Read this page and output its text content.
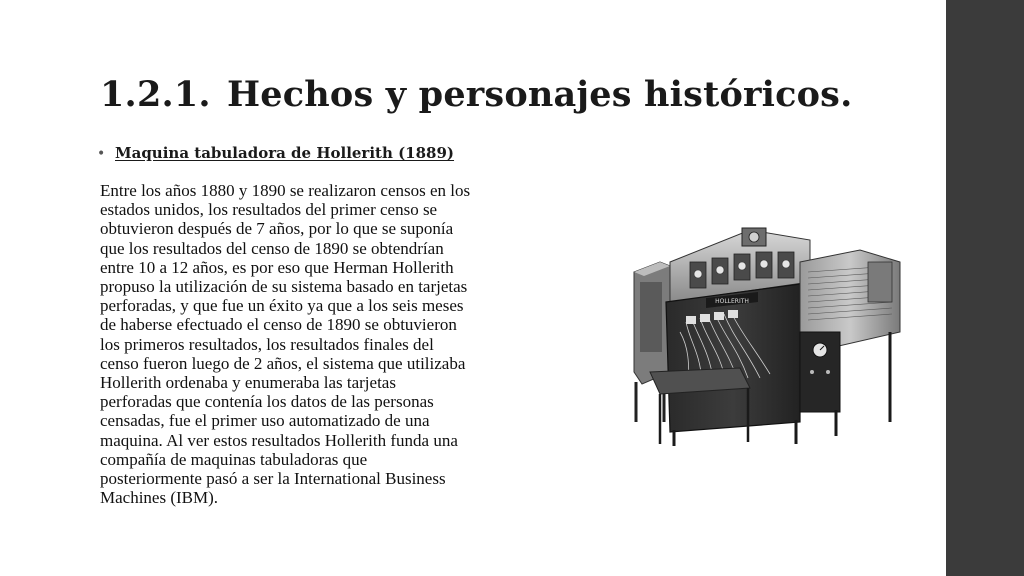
1.2.1. Hechos y personajes históricos.
• Maquina tabuladora de Hollerith (1889)
Entre los años 1880 y 1890 se realizaron censos en los
estados unidos, los resultados del primer censo se
obtuvieron después de 7 años, por lo que se suponía
que los resultados del censo de 1890 se obtendrían
entre 10 a 12 años, es por eso que Herman Hollerith
propuso la utilización de su sistema basado en tarjetas
perforadas, y que fue un éxito ya que a los seis meses
de haberse efectuado el censo de 1890 se obtuvieron
los primeros resultados, los resultados finales del
censo fueron luego de 2 años, el sistema que utilizaba
Hollerith ordenaba y enumeraba las tarjetas
perforadas que contenía los datos de las personas
censadas, fue el primer uso automatizado de una
maquina. Al ver estos resultados Hollerith funda una
compañía de maquinas tabuladoras que
posteriormente pasó a ser la International Business
Machines (IBM).
HOLLERITH
